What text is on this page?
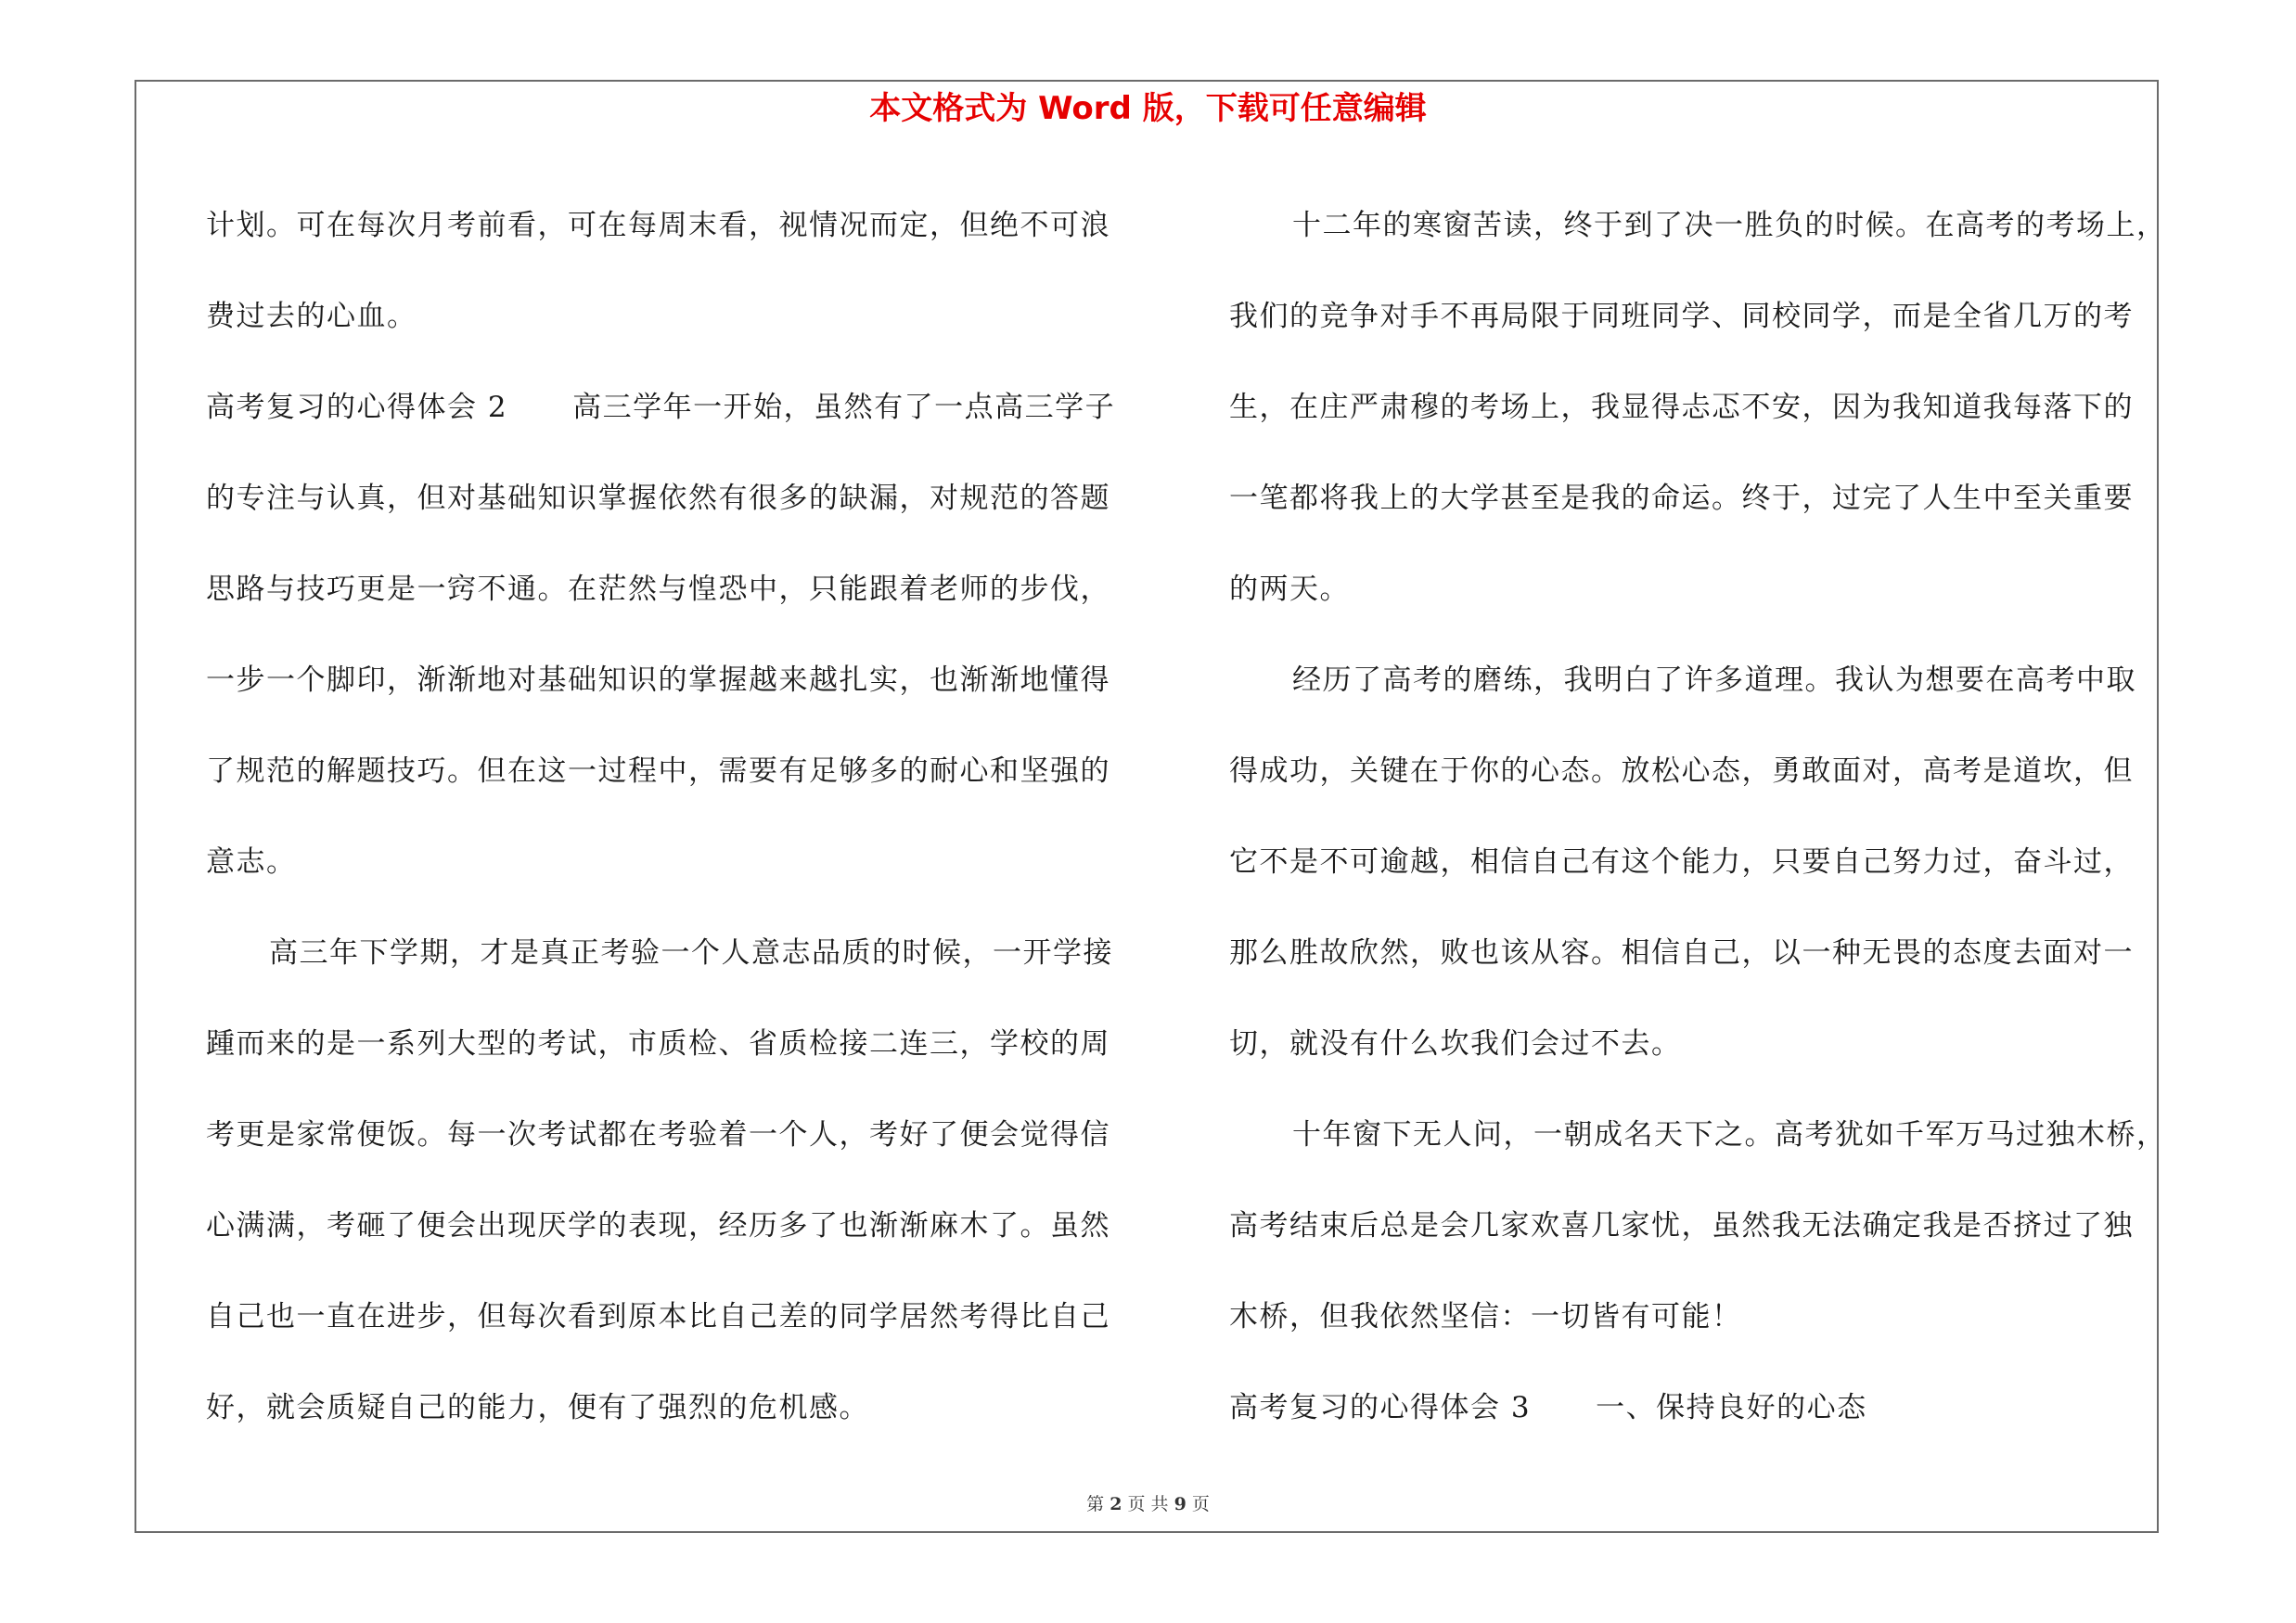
本文格式为 Word 版，下载可任意编辑
计划。可在每次月考前看，可在每周末看，视情况而定，但绝不可浪
费过去的心血。
高考复习的心得体会 2 高三学年一开始，虽然有了一点高三学子
的专注与认真，但对基础知识掌握依然有很多的缺漏，对规范的答题
思路与技巧更是一窍不通。在茫然与惶恐中，只能跟着老师的步伐，
一步一个脚印，渐渐地对基础知识的掌握越来越扎实，也渐渐地懂得
了规范的解题技巧。但在这一过程中，需要有足够多的耐心和坚强的
意志。
高三年下学期，才是真正考验一个人意志品质的时候，一开学接
踵而来的是一系列大型的考试，市质检、省质检接二连三，学校的周
考更是家常便饭。每一次考试都在考验着一个人，考好了便会觉得信
心满满，考砸了便会出现厌学的表现，经历多了也渐渐麻木了。虽然
自己也一直在进步，但每次看到原本比自己差的同学居然考得比自己
好，就会质疑自己的能力，便有了强烈的危机感。
十二年的寒窗苦读，终于到了决一胜负的时候。在高考的考场上，
我们的竞争对手不再局限于同班同学、同校同学，而是全省几万的考
生，在庄严肃穆的考场上，我显得忐忑不安，因为我知道我每落下的
一笔都将我上的大学甚至是我的命运。终于，过完了人生中至关重要
的两天。
经历了高考的磨练，我明白了许多道理。我认为想要在高考中取
得成功，关键在于你的心态。放松心态，勇敢面对，高考是道坎，但
它不是不可逾越，相信自己有这个能力，只要自己努力过，奋斗过，
那么胜故欣然，败也该从容。相信自己，以一种无畏的态度去面对一
切，就没有什么坎我们会过不去。
十年窗下无人问，一朝成名天下之。高考犹如千军万马过独木桥，
高考结束后总是会几家欢喜几家忧，虽然我无法确定我是否挤过了独
木桥，但我依然坚信：一切皆有可能！
高考复习的心得体会 3 一、保持良好的心态
第 2 页 共 9 页
